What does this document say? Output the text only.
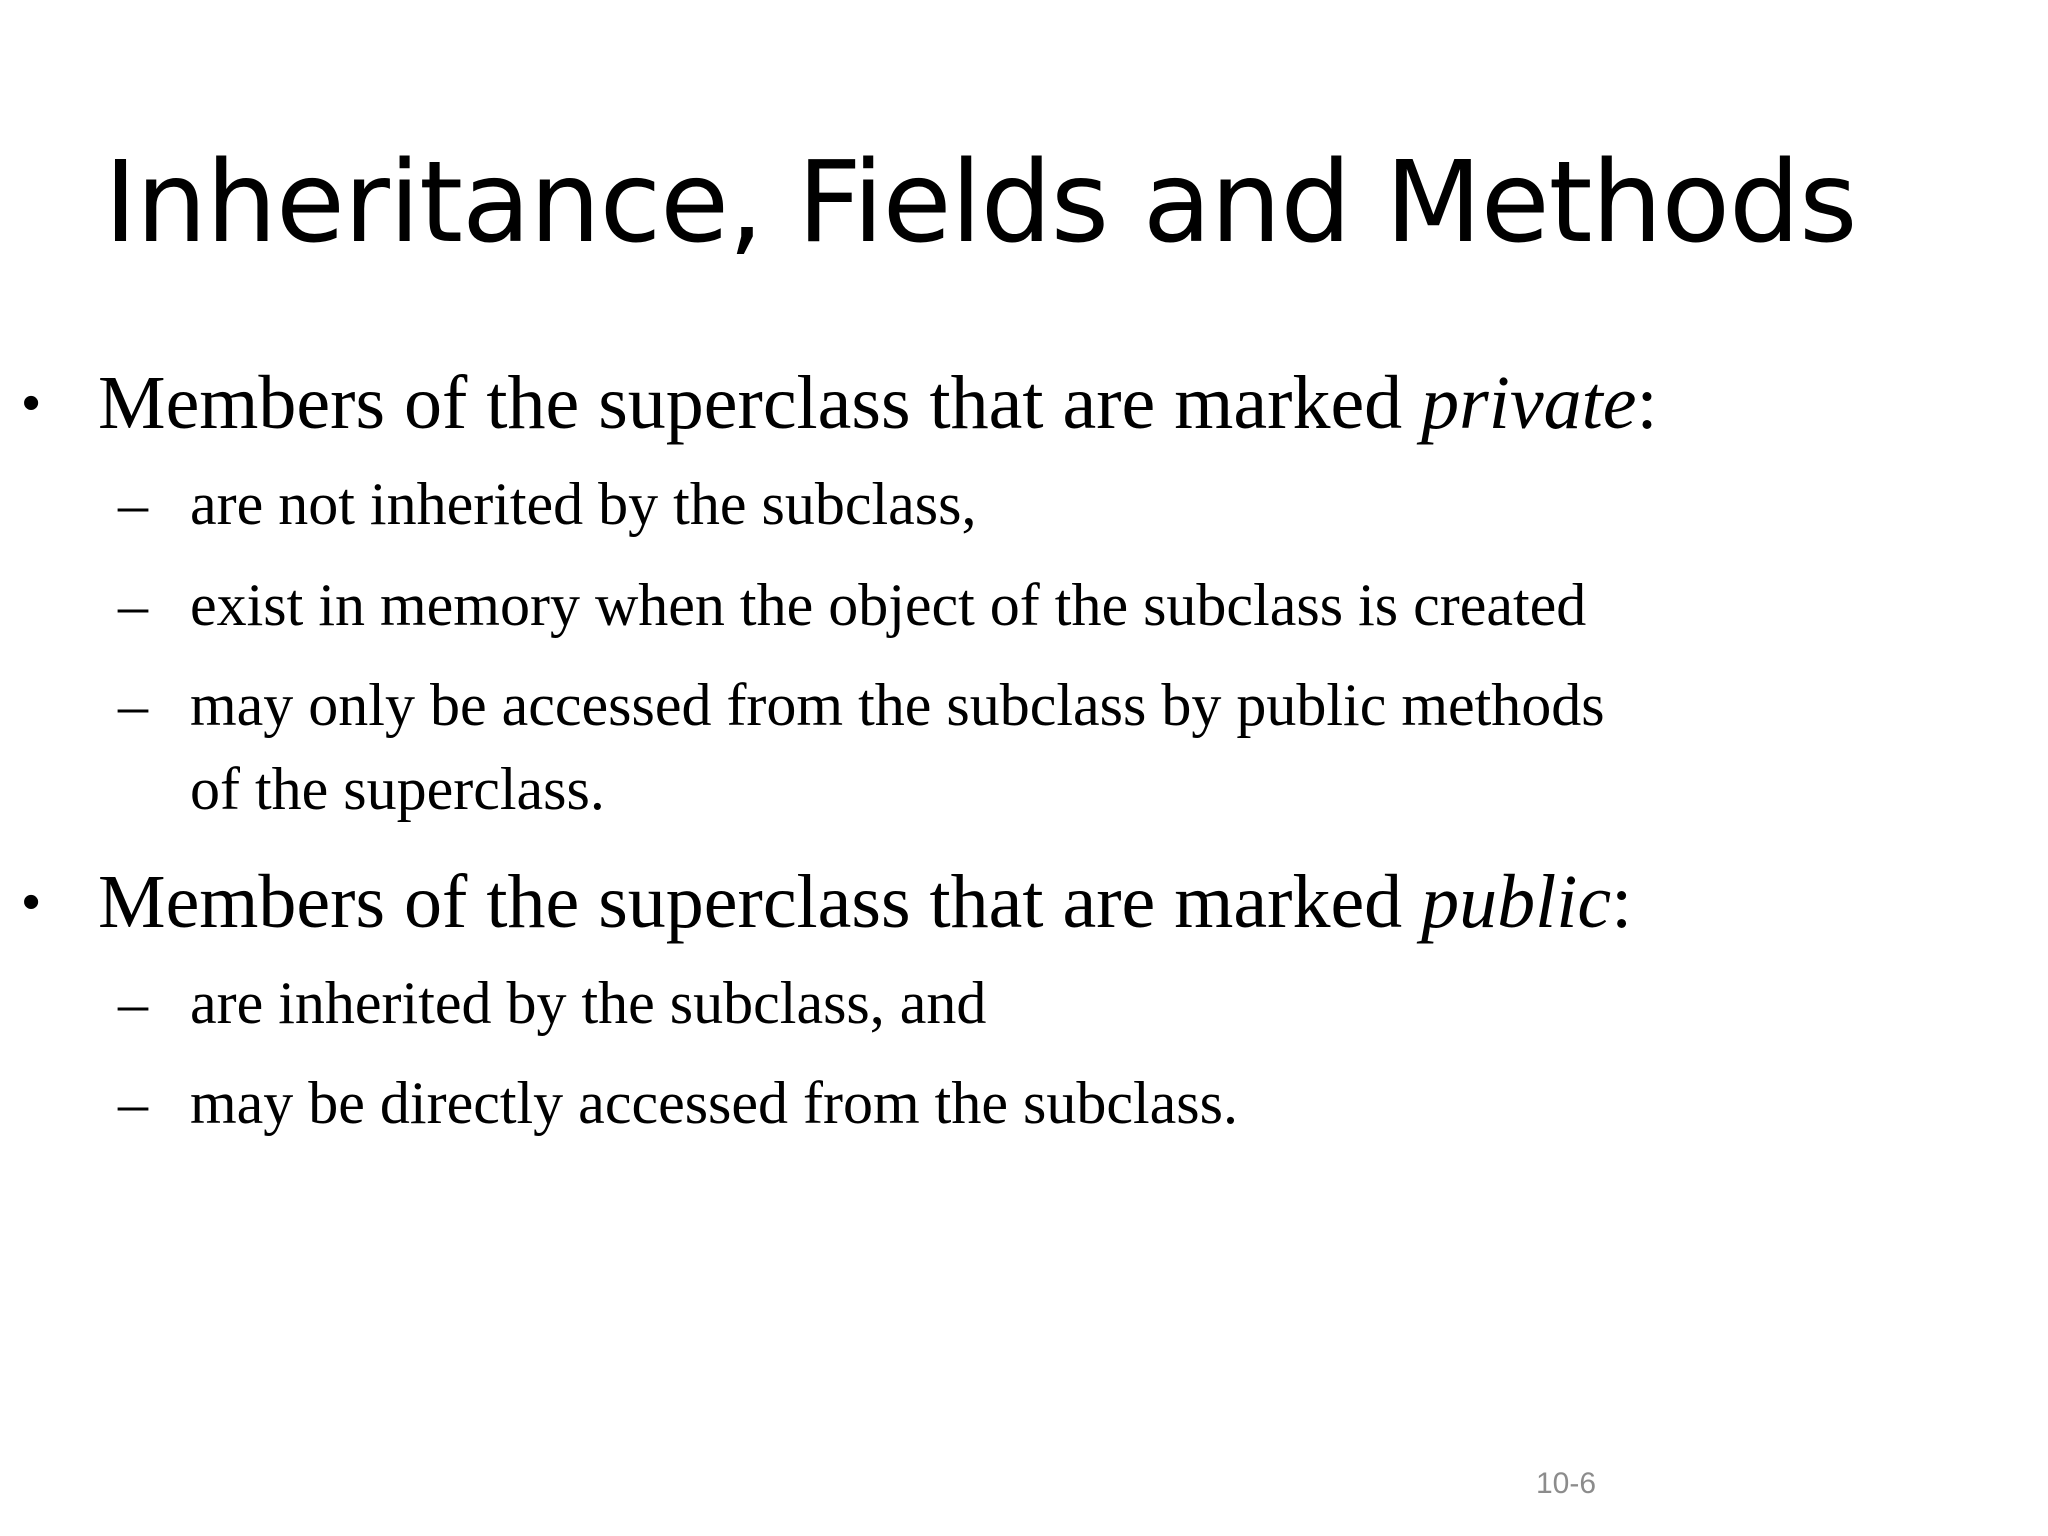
Inheritance, Fields and Methods
• Members of the superclass that are marked private:
– are not inherited by the subclass,
– exist in memory when the object of the subclass is created
– may only be accessed from the subclass by public methods
of the superclass.
• Members of the superclass that are marked public:
– are inherited by the subclass, and
– may be directly accessed from the subclass.
10-6
